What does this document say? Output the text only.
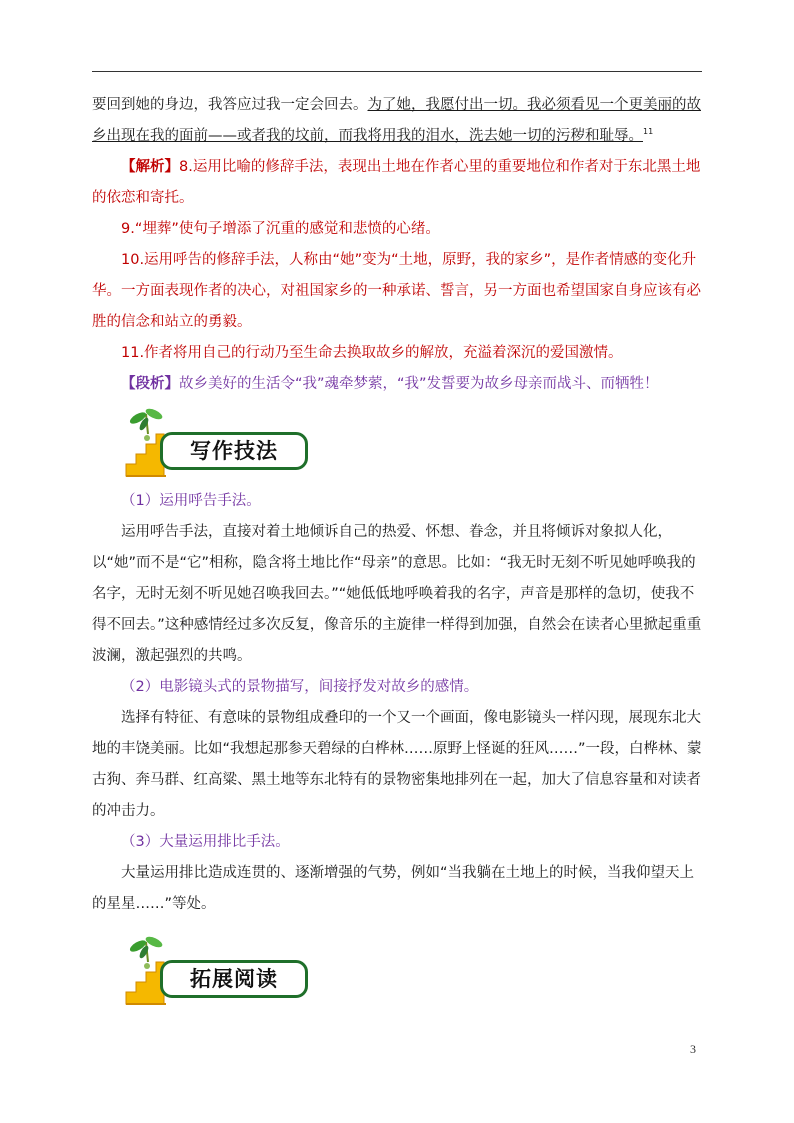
要回到她的身边，我答应过我一定会回去。为了她，我愿付出一切。我必须看见一个更美丽的故乡出现在我的面前——或者我的坟前，而我将用我的泪水，洗去她一切的污秽和耻辱。$^{11}$

【解析】8.运用比喻的修辞手法，表现出土地在作者心里的重要地位和作者对于东北黑土地的依恋和寄托。

9.“埋葬”使句子增添了沉重的感觉和悲愤的心绪。

10.运用呼告的修辞手法，人称由“她”变为“土地，原野，我的家乡”，是作者情感的变化升华。一方面表现作者的决心，对祖国家乡的一种承诺、誓言，另一方面也希望国家自身应该有必胜的信念和站立的勇毅。

11.作者将用自己的行动乃至生命去换取故乡的解放，充溢着深沉的爱国激情。

【段析】故乡美好的生活令“我”魂牵梦萦，“我”发誓要为故乡母亲而战斗、而牺牲！

写作技法

（1）运用呼告手法。

运用呼告手法，直接对着土地倾诉自己的热爱、怀想、眷念，并且将倾诉对象拟人化，以“她”而不是“它”相称，隐含将土地比作“母亲”的意思。比如：“我无时无刻不听见她呼唤我的名字，无时无刻不听见她召唤我回去。”“她低低地呼唤着我的名字，声音是那样的急切，使我不得不回去。”这种感情经过多次反复，像音乐的主旋律一样得到加强，自然会在读者心里掀起重重波澜，激起强烈的共鸣。

（2）电影镜头式的景物描写，间接抒发对故乡的感情。

选择有特征、有意味的景物组成叠印的一个又一个画面，像电影镜头一样闪现，展现东北大地的丰饶美丽。比如“我想起那参天碧绿的白桦林……原野上怪诞的狂风……”一段，白桦林、蒙古狗、奔马群、红高粱、黑土地等东北特有的景物密集地排列在一起，加大了信息容量和对读者的冲击力。

（3）大量运用排比手法。

大量运用排比造成连贯的、逐渐增强的气势，例如“当我躺在土地上的时候，当我仰望天上的星星……”等处。

拓展阅读
3
